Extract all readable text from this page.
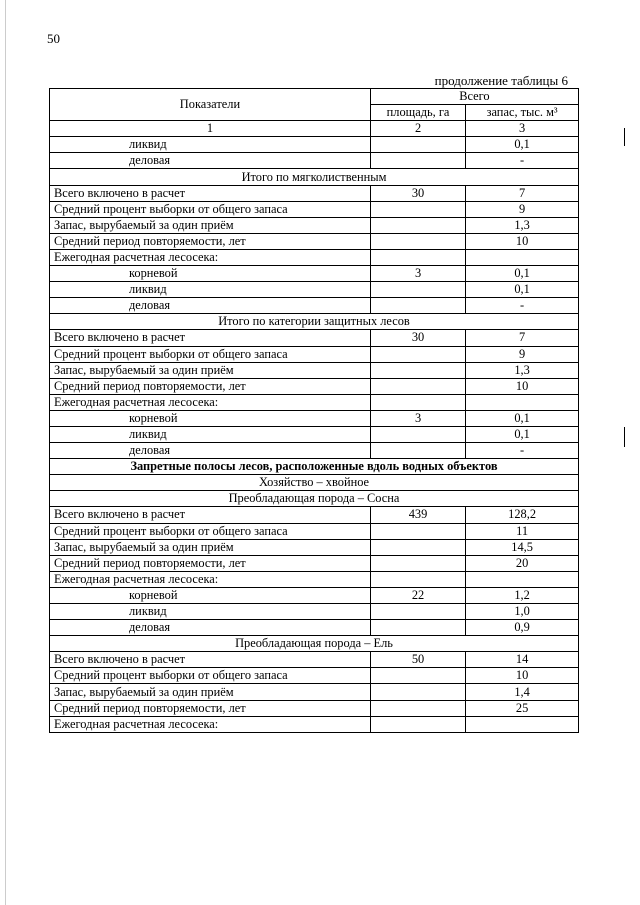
50
продолжение таблицы 6
Показатели	Всего	
	площадь, га	запас, тыс. м³
1	2	3
ликвид		0,1
деловая		-
Итого по мягколиственным		
Всего включено в расчет	30	7
Средний процент выборки от общего запаса		9
Запас, вырубаемый за один приём		1,3
Средний период повторяемости, лет		10
Ежегодная расчетная лесосека:		
корневой	3	0,1
ликвид		0,1
деловая		-
Итого по категории защитных лесов		
Всего включено в расчет	30	7
Средний процент выборки от общего запаса		9
Запас, вырубаемый за один приём		1,3
Средний период повторяемости, лет		10
Ежегодная расчетная лесосека:		
корневой	3	0,1
ликвид		0,1
деловая		-
Запретные полосы лесов, расположенные вдоль водных объектов		
Хозяйство – хвойное		
Преобладающая порода – Сосна		
Всего включено в расчет	439	128,2
Средний процент выборки от общего запаса		11
Запас, вырубаемый за один приём		14,5
Средний период повторяемости, лет		20
Ежегодная расчетная лесосека:		
корневой	22	1,2
ликвид		1,0
деловая		0,9
Преобладающая порода – Ель		
Всего включено в расчет	50	14
Средний процент выборки от общего запаса		10
Запас, вырубаемый за один приём		1,4
Средний период повторяемости, лет		25
Ежегодная расчетная лесосека:		
